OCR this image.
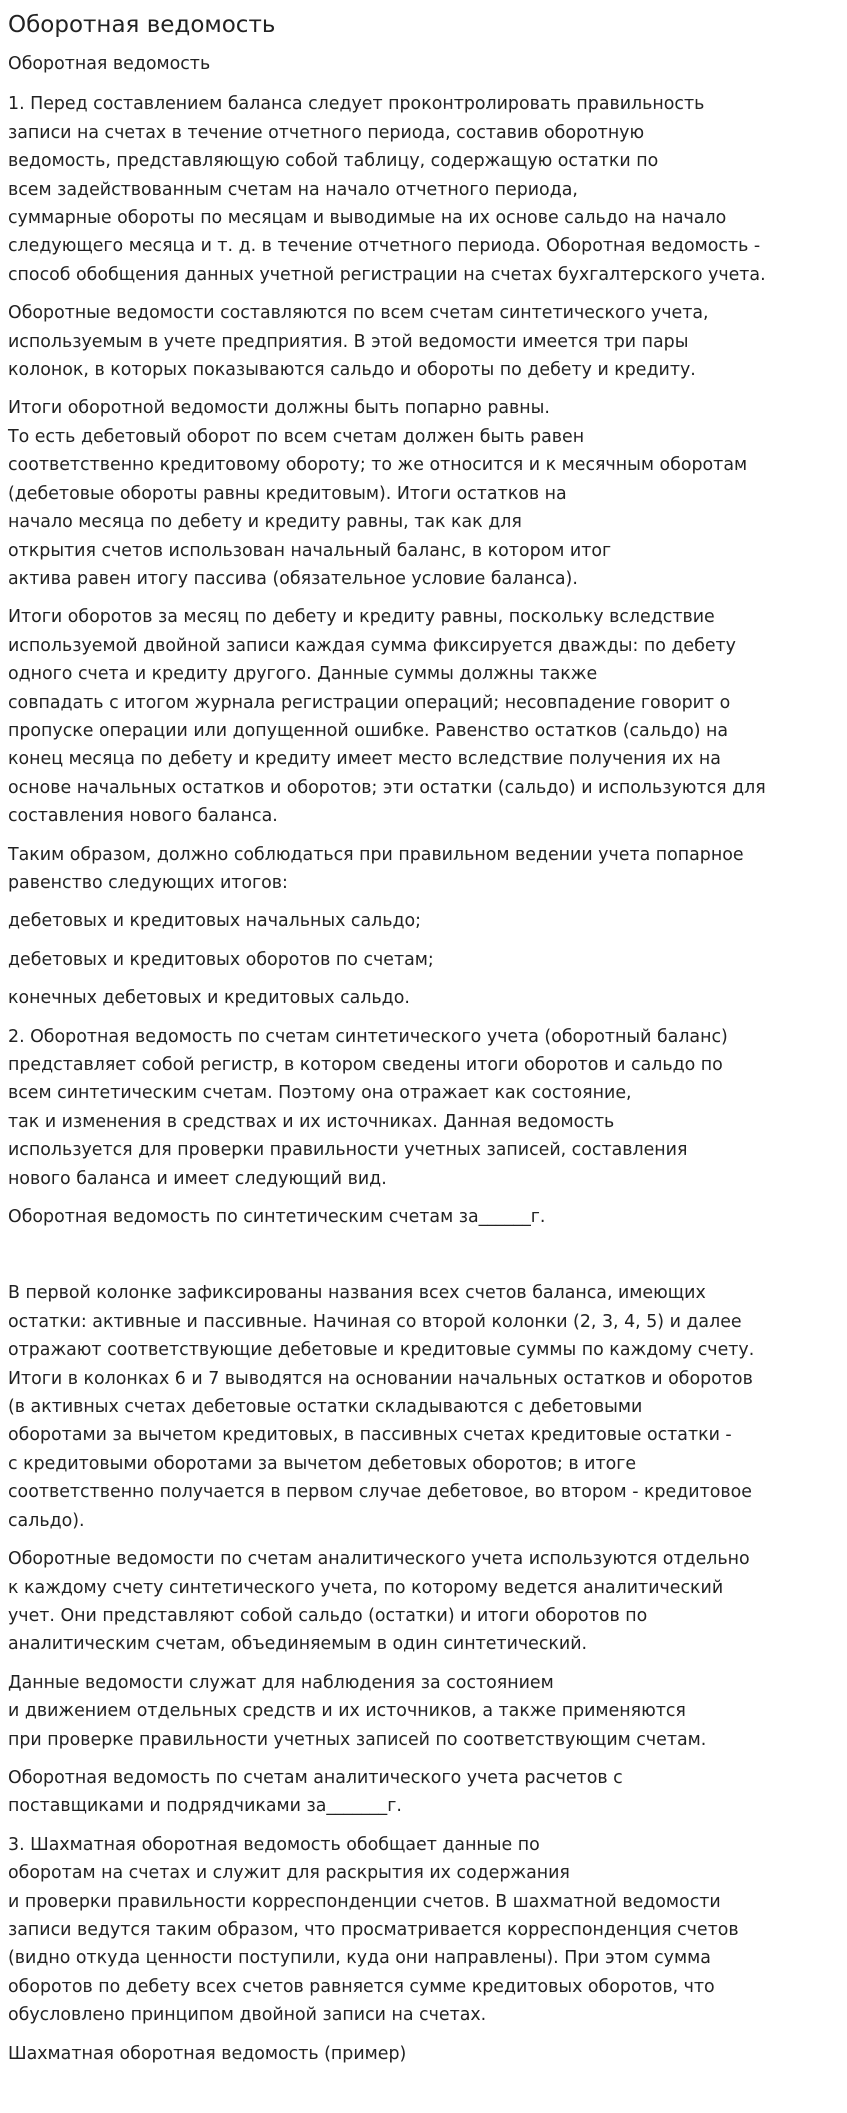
Оборотная ведомость

Оборотная ведомость

1. Перед составлением баланса следует проконтролировать правильность
записи на счетах в течение отчетного периода, составив оборотную
ведомость, представляющую собой таблицу, содержащую остатки по
всем задействованным счетам на начало отчетного периода,
суммарные обороты по месяцам и выводимые на их основе сальдо на начало
следующего месяца и т. д. в течение отчетного периода. Оборотная ведомость -
способ обобщения данных учетной регистрации на счетах бухгалтерского учета.

Оборотные ведомости составляются по всем счетам синтетического учета,
используемым в учете предприятия. В этой ведомости имеется три пары
колонок, в которых показываются сальдо и обороты по дебету и кредиту.

Итоги оборотной ведомости должны быть попарно равны.
То есть дебетовый оборот по всем счетам должен быть равен
соответственно кредитовому обороту; то же относится и к месячным оборотам
(дебетовые обороты равны кредитовым). Итоги остатков на
начало месяца по дебету и кредиту равны, так как для
открытия счетов использован начальный баланс, в котором итог
актива равен итогу пассива (обязательное условие баланса).

Итоги оборотов за месяц по дебету и кредиту равны, поскольку вследствие
используемой двойной записи каждая сумма фиксируется дважды: по дебету
одного счета и кредиту другого. Данные суммы должны также
совпадать с итогом журнала регистрации операций; несовпадение говорит о
пропуске операции или допущенной ошибке. Равенство остатков (сальдо) на
конец месяца по дебету и кредиту имеет место вследствие получения их на
основе начальных остатков и оборотов; эти остатки (сальдо) и используются для
составления нового баланса.

Таким образом, должно соблюдаться при правильном ведении учета попарное
равенство следующих итогов:

дебетовых и кредитовых начальных сальдо;

дебетовых и кредитовых оборотов по счетам;

конечных дебетовых и кредитовых сальдо.

2. Оборотная ведомость по счетам синтетического учета (оборотный баланс)
представляет собой регистр, в котором сведены итоги оборотов и сальдо по
всем синтетическим счетам. Поэтому она отражает как состояние,
так и изменения в средствах и их источниках. Данная ведомость
используется для проверки правильности учетных записей, составления
нового баланса и имеет следующий вид.

Оборотная ведомость по синтетическим счетам за______г.

В первой колонке зафиксированы названия всех счетов баланса, имеющих
остатки: активные и пассивные. Начиная со второй колонки (2, 3, 4, 5) и далее
отражают соответствующие дебетовые и кредитовые суммы по каждому счету.
Итоги в колонках 6 и 7 выводятся на основании начальных остатков и оборотов
(в активных счетах дебетовые остатки складываются с дебетовыми
оборотами за вычетом кредитовых, в пассивных счетах кредитовые остатки -
с кредитовыми оборотами за вычетом дебетовых оборотов; в итоге
соответственно получается в первом случае дебетовое, во втором - кредитовое
сальдо).

Оборотные ведомости по счетам аналитического учета используются отдельно
к каждому счету синтетического учета, по которому ведется аналитический
учет. Они представляют собой сальдо (остатки) и итоги оборотов по
аналитическим счетам, объединяемым в один синтетический.

Данные ведомости служат для наблюдения за состоянием
и движением отдельных средств и их источников, а также применяются
при проверке правильности учетных записей по соответствующим счетам.

Оборотная ведомость по счетам аналитического учета расчетов с
поставщиками и подрядчиками за_______г.

3. Шахматная оборотная ведомость обобщает данные по
оборотам на счетах и служит для раскрытия их содержания
и проверки правильности корреспонденции счетов. В шахматной ведомости
записи ведутся таким образом, что просматривается корреспонденция счетов
(видно откуда ценности поступили, куда они направлены). При этом сумма
оборотов по дебету всех счетов равняется сумме кредитовых оборотов, что
обусловлено принципом двойной записи на счетах.

Шахматная оборотная ведомость (пример)
